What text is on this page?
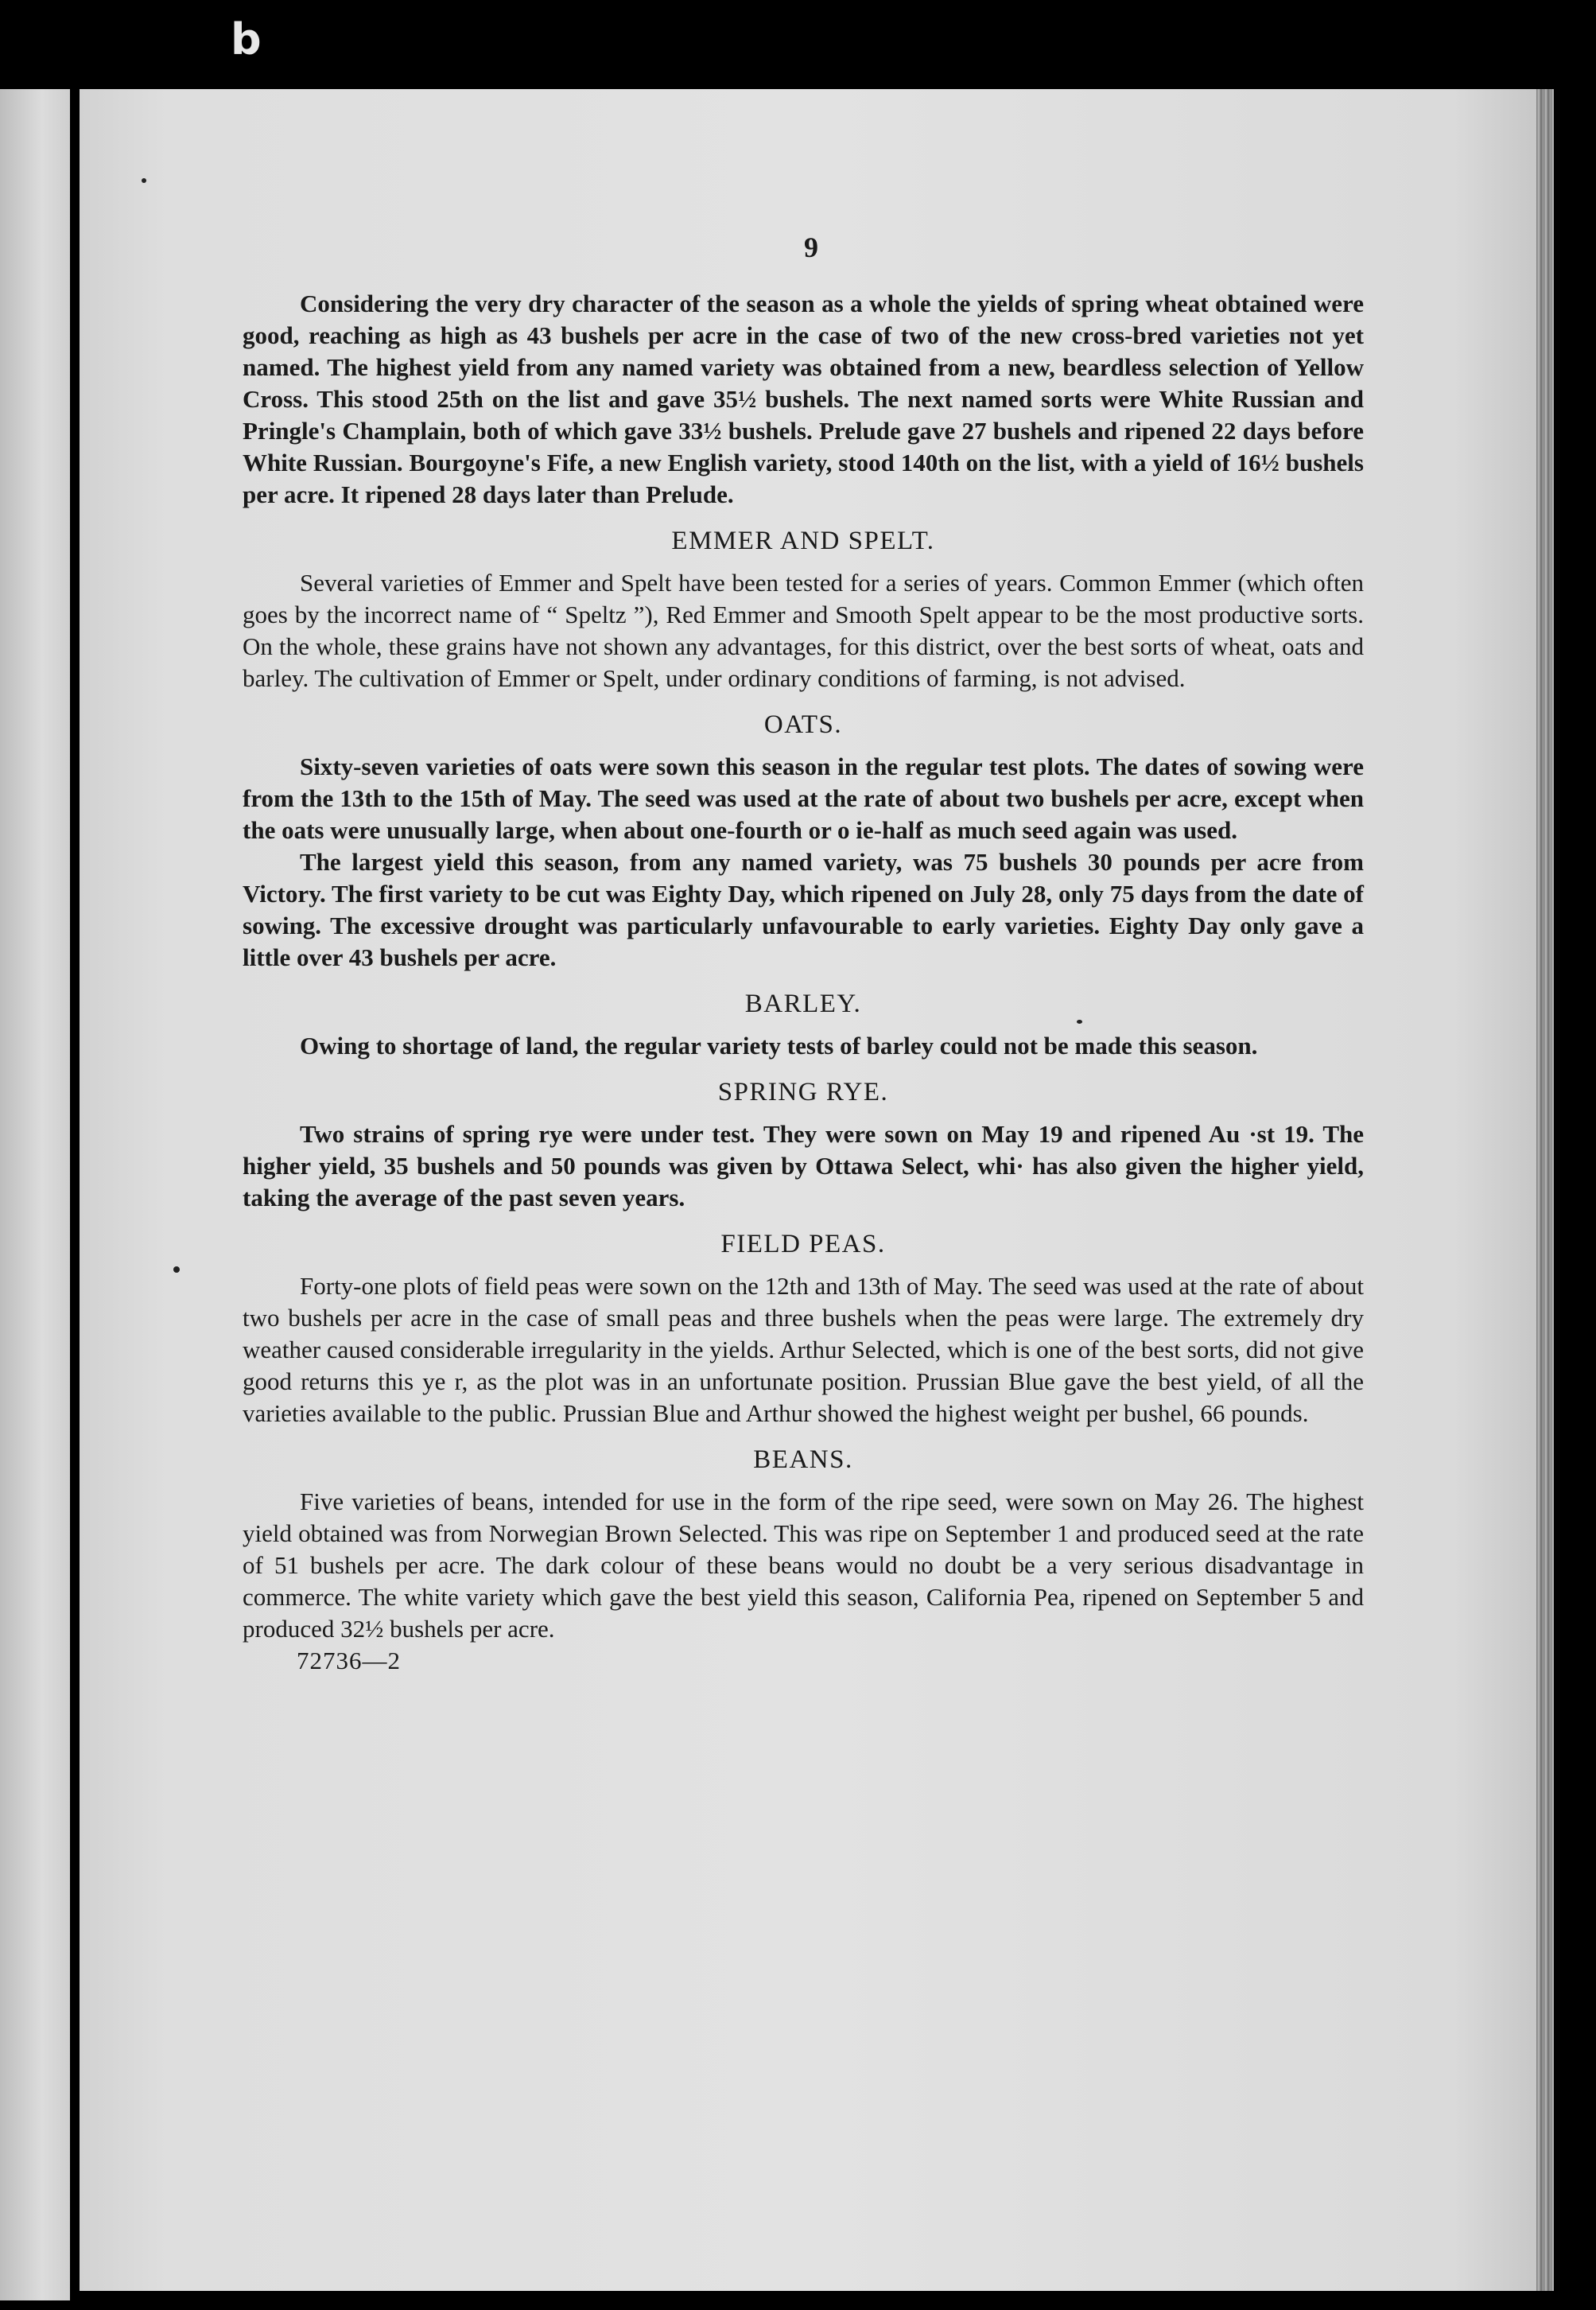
b
9

Considering the very dry character of the season as a whole the yields of spring wheat obtained were good, reaching as high as 43 bushels per acre in the case of two of the new cross-bred varieties not yet named. The highest yield from any named variety was obtained from a new, beardless selection of Yellow Cross. This stood 25th on the list and gave 35½ bushels. The next named sorts were White Russian and Pringle's Champlain, both of which gave 33½ bushels. Prelude gave 27 bushels and ripened 22 days before White Russian. Bourgoyne's Fife, a new English variety, stood 140th on the list, with a yield of 16½ bushels per acre. It ripened 28 days later than Prelude.

EMMER AND SPELT.

Several varieties of Emmer and Spelt have been tested for a series of years. Common Emmer (which often goes by the incorrect name of “ Speltz ”), Red Emmer and Smooth Spelt appear to be the most productive sorts. On the whole, these grains have not shown any advantages, for this district, over the best sorts of wheat, oats and barley. The cultivation of Emmer or Spelt, under ordinary conditions of farming, is not advised.

OATS.

Sixty-seven varieties of oats were sown this season in the regular test plots. The dates of sowing were from the 13th to the 15th of May. The seed was used at the rate of about two bushels per acre, except when the oats were unusually large, when about one-fourth or o ie-half as much seed again was used.

The largest yield this season, from any named variety, was 75 bushels 30 pounds per acre from Victory. The first variety to be cut was Eighty Day, which ripened on July 28, only 75 days from the date of sowing. The excessive drought was particularly unfavourable to early varieties. Eighty Day only gave a little over 43 bushels per acre.

BARLEY.

Owing to shortage of land, the regular variety tests of barley could not be made this season.

SPRING RYE.

Two strains of spring rye were under test. They were sown on May 19 and ripened Au ·st 19. The higher yield, 35 bushels and 50 pounds was given by Ottawa Select, whi· has also given the higher yield, taking the average of the past seven years.

FIELD PEAS.

Forty-one plots of field peas were sown on the 12th and 13th of May. The seed was used at the rate of about two bushels per acre in the case of small peas and three bushels when the peas were large. The extremely dry weather caused considerable irregularity in the yields. Arthur Selected, which is one of the best sorts, did not give good returns this ye r, as the plot was in an unfortunate position. Prussian Blue gave the best yield, of all the varieties available to the public. Prussian Blue and Arthur showed the highest weight per bushel, 66 pounds.

BEANS.

Five varieties of beans, intended for use in the form of the ripe seed, were sown on May 26. The highest yield obtained was from Norwegian Brown Selected. This was ripe on September 1 and produced seed at the rate of 51 bushels per acre. The dark colour of these beans would no doubt be a very serious disadvantage in commerce. The white variety which gave the best yield this season, California Pea, ripened on September 5 and produced 32½ bushels per acre.

72736—2
